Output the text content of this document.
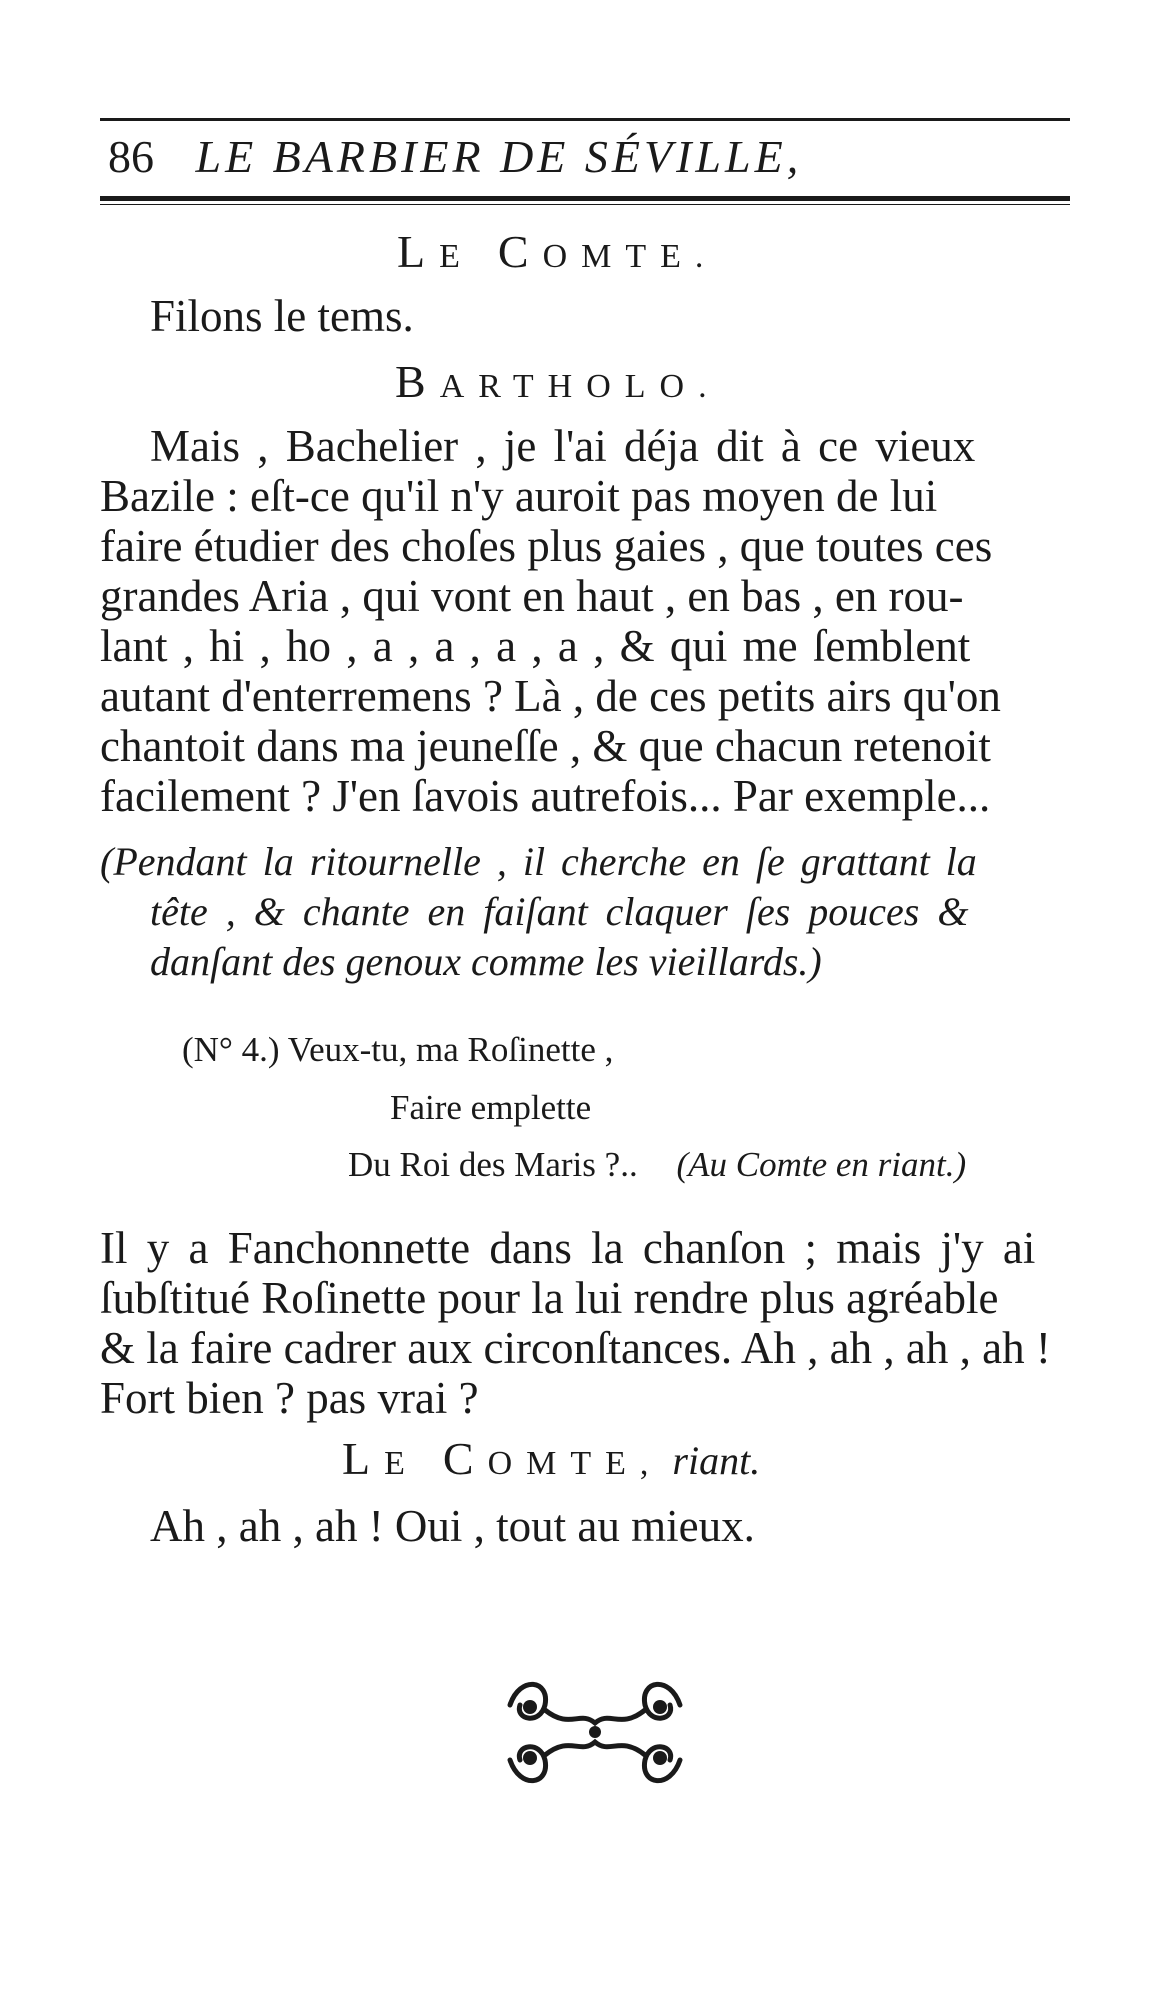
86 LE BARBIER DE SÉVILLE,
LE COMTE.
Filons le tems.
BARTHOLO.
Mais , Bachelier , je l'ai déja dit à ce vieux
Bazile : eſt-ce qu'il n'y auroit pas moyen de lui
faire étudier des choſes plus gaies , que toutes ces
grandes Aria , qui vont en haut , en bas , en rou-
lant , hi , ho , a , a , a , a , & qui me ſemblent
autant d'enterremens ? Là , de ces petits airs qu'on
chantoit dans ma jeuneſſe , & que chacun retenoit
facilement ? J'en ſavois autrefois... Par exemple...
(Pendant la ritournelle , il cherche en ſe grattant la
tête , & chante en faiſant claquer ſes pouces &
danſant des genoux comme les vieillards.)
(N° 4.) Veux-tu, ma Roſinette ,
Faire emplette
Du Roi des Maris ?.. (Au Comte en riant.)
Il y a Fanchonnette dans la chanſon ; mais j'y ai
ſubſtitué Roſinette pour la lui rendre plus agréable
& la faire cadrer aux circonſtances. Ah , ah , ah , ah !
Fort bien ? pas vrai ?
LE COMTE, riant.
Ah , ah , ah ! Oui , tout au mieux.
